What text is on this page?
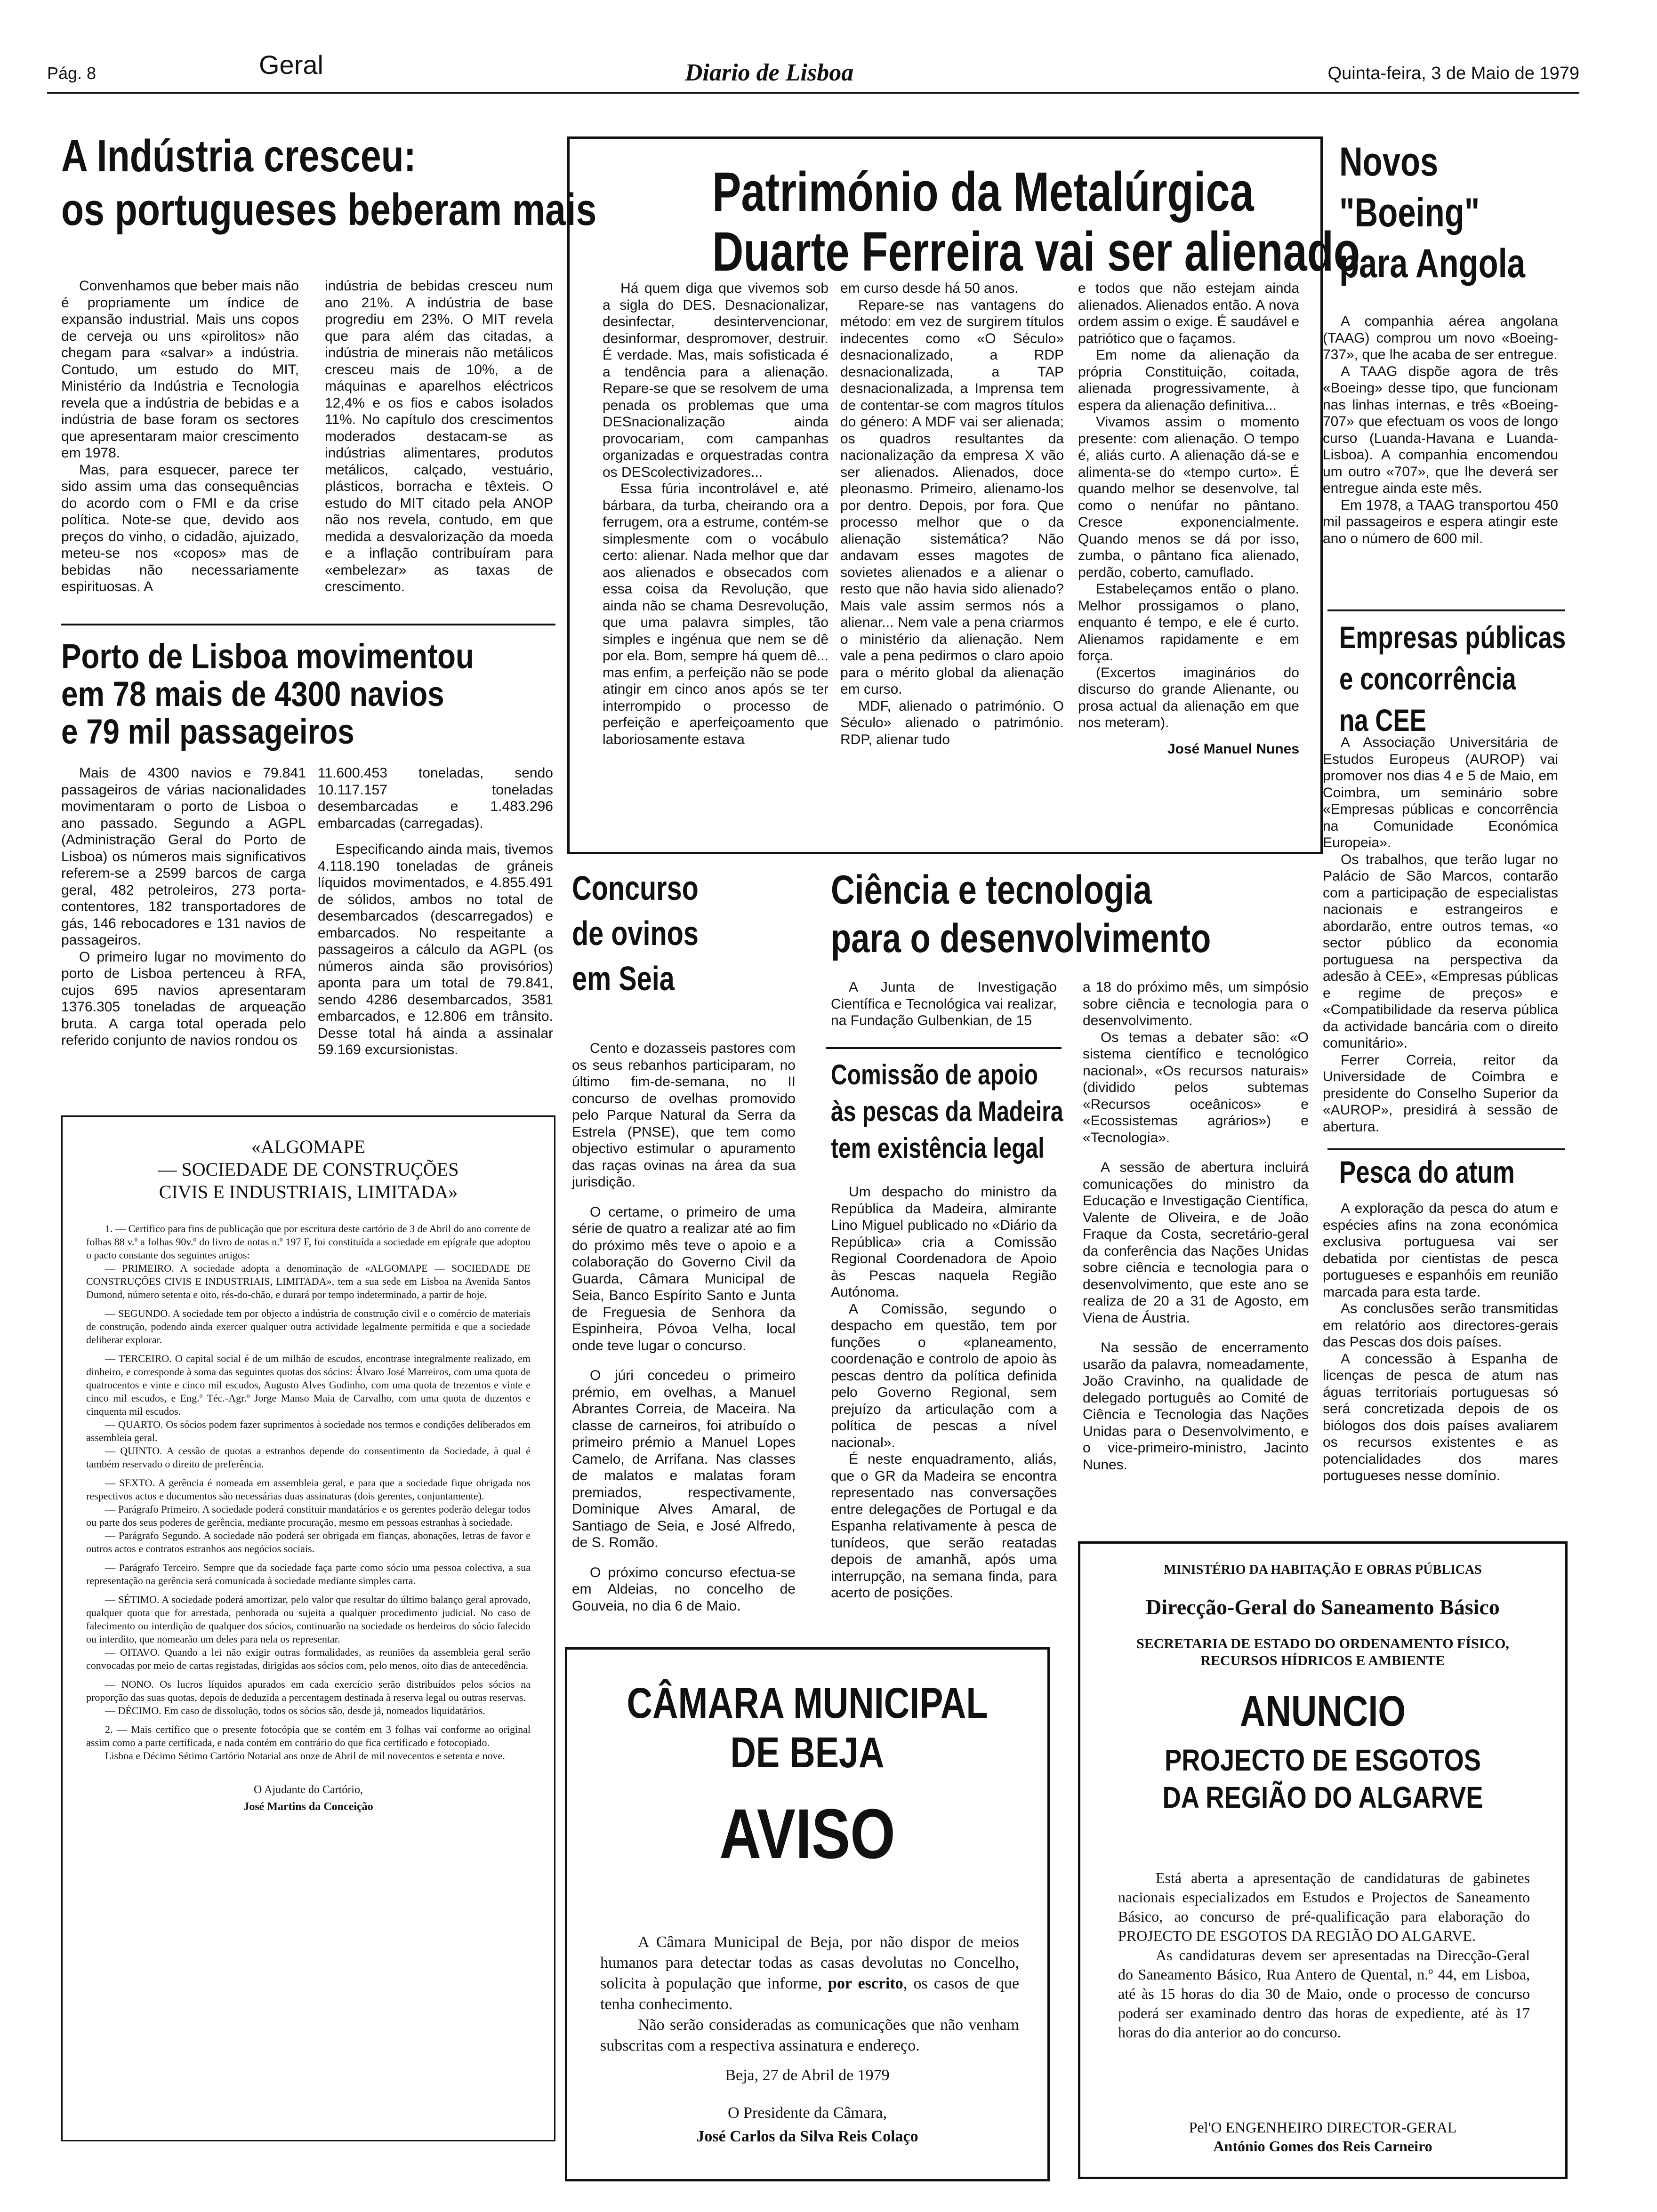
Pág. 8	Geral	Diario de Lisboa	Quinta-feira, 3 de Maio de 1979
A Indústria cresceu:
os portugueses beberam mais

Convenhamos que beber mais não é propriamente um índice de expansão industrial. Mais uns copos de cerveja ou uns «pirolitos» não chegam para «salvar» a indústria. Contudo, um estudo do MIT, Ministério da Indústria e Tecnologia revela que a indústria de bebidas e a indústria de base foram os sectores que apresentaram maior crescimento em 1978.

Mas, para esquecer, parece ter sido assim uma das consequências do acordo com o FMI e da crise política. Note-se que, devido aos preços do vinho, o cidadão, ajuizado, meteu-se nos «copos» mas de bebidas não necessariamente espirituosas. A

indústria de bebidas cresceu num ano 21%. A indústria de base progrediu em 23%. O MIT revela que para além das citadas, a indústria de minerais não metálicos cresceu mais de 10%, a de máquinas e aparelhos eléctricos 12,4% e os fios e cabos isolados 11%. No capítulo dos crescimentos moderados destacam-se as indústrias alimentares, produtos metálicos, calçado, vestuário, plásticos, borracha e têxteis. O estudo do MIT citado pela ANOP não nos revela, contudo, em que medida a desvalorização da moeda e a inflação contribuíram para «embelezar» as taxas de crescimento.

Porto de Lisboa movimentou
em 78 mais de 4300 navios
e 79 mil passageiros

Mais de 4300 navios e 79.841 passageiros de várias nacionalidades movimentaram o porto de Lisboa o ano passado. Segundo a AGPL (Administração Geral do Porto de Lisboa) os números mais significativos referem-se a 2599 barcos de carga geral, 482 petroleiros, 273 porta-contentores, 182 transportadores de gás, 146 rebocadores e 131 navios de passageiros.

O primeiro lugar no movimento do porto de Lisboa pertenceu à RFA, cujos 695 navios apresentaram 1376.305 toneladas de arqueação bruta. A carga total operada pelo referido conjunto de navios rondou os

11.600.453 toneladas, sendo 10.117.157 toneladas desembarcadas e 1.483.296 embarcadas (carregadas).

Especificando ainda mais, tivemos 4.118.190 toneladas de gráneis líquidos movimentados, e 4.855.491 de sólidos, ambos no total de desembarcados (descarregados) e embarcados. No respeitante a passageiros a cálculo da AGPL (os números ainda são provisórios) aponta para um total de 79.841, sendo 4286 desembarcados, 3581 embarcados, e 12.806 em trânsito. Desse total há ainda a assinalar 59.169 excursionistas.

«ALGOMAPE
— SOCIEDADE DE CONSTRUÇÕES
CIVIS E INDUSTRIAIS, LIMITADA»

1. — Certifico para fins de publicação que por escritura deste cartório de 3 de Abril do ano corrente de folhas 88 v.º a folhas 90v.º do livro de notas n.º 197 F, foi constituída a sociedade em epígrafe que adoptou o pacto constante dos seguintes artigos:

— PRIMEIRO. A sociedade adopta a denominação de «ALGOMAPE — SOCIEDADE DE CONSTRUÇÕES CIVIS E INDUSTRIAIS, LIMITADA», tem a sua sede em Lisboa na Avenida Santos Dumond, número setenta e oito, rés-do-chão, e durará por tempo indeterminado, a partir de hoje.

— SEGUNDO. A sociedade tem por objecto a indústria de construção civil e o comércio de materiais de construção, podendo ainda exercer qualquer outra actividade legalmente permitida e que a sociedade deliberar explorar.

— TERCEIRO. O capital social é de um milhão de escudos, encontrase integralmente realizado, em dinheiro, e corresponde à soma das seguintes quotas dos sócios: Álvaro José Marreiros, com uma quota de quatrocentos e vinte e cinco mil escudos, Augusto Alves Godinho, com uma quota de trezentos e vinte e cinco mil escudos, e Eng.º Téc.-Agr.º Jorge Manso Maia de Carvalho, com uma quota de duzentos e cinquenta mil escudos.

— QUARTO. Os sócios podem fazer suprimentos à sociedade nos termos e condições deliberados em assembleia geral.

— QUINTO. A cessão de quotas a estranhos depende do consentimento da Sociedade, à qual é também reservado o direito de preferência.

— SEXTO. A gerência é nomeada em assembleia geral, e para que a sociedade fique obrigada nos respectivos actos e documentos são necessárias duas assinaturas (dois gerentes, conjuntamente).

— Parágrafo Primeiro. A sociedade poderá constituir mandatários e os gerentes poderão delegar todos ou parte dos seus poderes de gerência, mediante procuração, mesmo em pessoas estranhas à sociedade.

— Parágrafo Segundo. A sociedade não poderá ser obrigada em fianças, abonações, letras de favor e outros actos e contratos estranhos aos negócios sociais.

— Parágrafo Terceiro. Sempre que da sociedade faça parte como sócio uma pessoa colectiva, a sua representação na gerência será comunicada à sociedade mediante simples carta.

— SÉTIMO. A sociedade poderá amortizar, pelo valor que resultar do último balanço geral aprovado, qualquer quota que for arrestada, penhorada ou sujeita a qualquer procedimento judicial. No caso de falecimento ou interdição de qualquer dos sócios, continuarão na sociedade os herdeiros do sócio falecido ou interdito, que nomearão um deles para nela os representar.

— OITAVO. Quando a lei não exigir outras formalidades, as reuniões da assembleia geral serão convocadas por meio de cartas registadas, dirigidas aos sócios com, pelo menos, oito dias de antecedência.

— NONO. Os lucros líquidos apurados em cada exercício serão distribuídos pelos sócios na proporção das suas quotas, depois de deduzida a percentagem destinada à reserva legal ou outras reservas.

— DÉCIMO. Em caso de dissolução, todos os sócios são, desde já, nomeados liquidatários.

2. — Mais certifico que o presente fotocópia que se contém em 3 folhas vai conforme ao original assim como a parte certificada, e nada contém em contrário do que fica certificado e fotocopiado.

Lisboa e Décimo Sétimo Cartório Notarial aos onze de Abril de mil novecentos e setenta e nove.

O Ajudante do Cartório,
José Martins da Conceição
Património da Metalúrgica
Duarte Ferreira vai ser alienado

Há quem diga que vivemos sob a sigla do DES. Desnacionalizar, desinfectar, desintervencionar, desinformar, despromover, destruir. É verdade. Mas, mais sofisticada é a tendência para a alienação. Repare-se que se resolvem de uma penada os problemas que uma DESnacionalização ainda provocariam, com campanhas organizadas e orquestradas contra os DEScolectivizadores...

Essa fúria incontrolável e, até bárbara, da turba, cheirando ora a ferrugem, ora a estrume, contém-se simplesmente com o vocábulo certo: alienar. Nada melhor que dar aos alienados e obsecados com essa coisa da Revolução, que ainda não se chama Desrevolução, que uma palavra simples, tão simples e ingénua que nem se dê por ela. Bom, sempre há quem dê... mas enfim, a perfeição não se pode atingir em cinco anos após se ter interrompido o processo de perfeição e aperfeiçoamento que laboriosamente estava

em curso desde há 50 anos.

Repare-se nas vantagens do método: em vez de surgirem títulos indecentes como «O Século» desnacionalizado, a RDP desnacionalizada, a TAP desnacionalizada, a Imprensa tem de contentar-se com magros títulos do género: A MDF vai ser alienada; os quadros resultantes da nacionalização da empresa X vão ser alienados. Alienados, doce pleonasmo. Primeiro, alienamo-los por dentro. Depois, por fora. Que processo melhor que o da alienação sistemática? Não andavam esses magotes de sovietes alienados e a alienar o resto que não havia sido alienado? Mais vale assim sermos nós a alienar... Nem vale a pena criarmos o ministério da alienação. Nem vale a pena pedirmos o claro apoio para o mérito global da alienação em curso.

MDF, alienado o património. O Século» alienado o património. RDP, alienar tudo

e todos que não estejam ainda alienados. Alienados então. A nova ordem assim o exige. É saudável e patriótico que o façamos.

Em nome da alienação da própria Constituição, coitada, alienada progressivamente, à espera da alienação definitiva...

Vivamos assim o momento presente: com alienação. O tempo é, aliás curto. A alienação dá-se e alimenta-se do «tempo curto». É quando melhor se desenvolve, tal como o nenúfar no pântano. Cresce exponencialmente. Quando menos se dá por isso, zumba, o pântano fica alienado, perdão, coberto, camuflado.

Estabeleçamos então o plano. Melhor prossigamos o plano, enquanto é tempo, e ele é curto. Alienamos rapidamente e em força.

(Excertos imaginários do discurso do grande Alienante, ou prosa actual da alienação em que nos meteram).

José Manuel Nunes
Concurso
de ovinos
em Seia

Cento e dozasseis pastores com os seus rebanhos participaram, no último fim-de-semana, no II concurso de ovelhas promovido pelo Parque Natural da Serra da Estrela (PNSE), que tem como objectivo estimular o apuramento das raças ovinas na área da sua jurisdição.

O certame, o primeiro de uma série de quatro a realizar até ao fim do próximo mês teve o apoio e a colaboração do Governo Civil da Guarda, Câmara Municipal de Seia, Banco Espírito Santo e Junta de Freguesia de Senhora da Espinheira, Póvoa Velha, local onde teve lugar o concurso.

O júri concedeu o primeiro prémio, em ovelhas, a Manuel Abrantes Correia, de Maceira. Na classe de carneiros, foi atribuído o primeiro prémio a Manuel Lopes Camelo, de Arrifana. Nas classes de malatos e malatas foram premiados, respectivamente, Dominique Alves Amaral, de Santiago de Seia, e José Alfredo, de S. Romão.

O próximo concurso efectua-se em Aldeias, no concelho de Gouveia, no dia 6 de Maio.

Ciência e tecnologia
para o desenvolvimento

A Junta de Investigação Científica e Tecnológica vai realizar, na Fundação Gulbenkian, de 15

a 18 do próximo mês, um simpósio sobre ciência e tecnologia para o desenvolvimento.

Os temas a debater são: «O sistema científico e tecnológico nacional», «Os recursos naturais» (dividido pelos subtemas «Recursos oceânicos» e «Ecossistemas agrários») e «Tecnologia».

A sessão de abertura incluirá comunicações do ministro da Educação e Investigação Científica, Valente de Oliveira, e de João Fraque da Costa, secretário-geral da conferência das Nações Unidas sobre ciência e tecnologia para o desenvolvimento, que este ano se realiza de 20 a 31 de Agosto, em Viena de Áustria.

Na sessão de encerramento usarão da palavra, nomeadamente, João Cravinho, na qualidade de delegado português ao Comité de Ciência e Tecnologia das Nações Unidas para o Desenvolvimento, e o vice-primeiro-ministro, Jacinto Nunes.

Comissão de apoio
às pescas da Madeira
tem existência legal

Um despacho do ministro da República da Madeira, almirante Lino Miguel publicado no «Diário da República» cria a Comissão Regional Coordenadora de Apoio às Pescas naquela Região Autónoma.

A Comissão, segundo o despacho em questão, tem por funções o «planeamento, coordenação e controlo de apoio às pescas dentro da política definida pelo Governo Regional, sem prejuízo da articulação com a política de pescas a nível nacional».

É neste enquadramento, aliás, que o GR da Madeira se encontra representado nas conversações entre delegações de Portugal e da Espanha relativamente à pesca de tunídeos, que serão reatadas depois de amanhã, após uma interrupção, na semana finda, para acerto de posições.

CÂMARA MUNICIPAL
DE BEJA
AVISO

A Câmara Municipal de Beja, por não dispor de meios humanos para detectar todas as casas devolutas no Concelho, solicita à população que informe, por escrito, os casos de que tenha conhecimento.

Não serão consideradas as comunicações que não venham subscritas com a respectiva assinatura e endereço.

Beja, 27 de Abril de 1979
O Presidente da Câmara,
José Carlos da Silva Reis Colaço
Novos
"Boeing"
para Angola

A companhia aérea angolana (TAAG) comprou um novo «Boeing-737», que lhe acaba de ser entregue.

A TAAG dispõe agora de três «Boeing» desse tipo, que funcionam nas linhas internas, e três «Boeing-707» que efectuam os voos de longo curso (Luanda-Havana e Luanda-Lisboa). A companhia encomendou um outro «707», que lhe deverá ser entregue ainda este mês.

Em 1978, a TAAG transportou 450 mil passageiros e espera atingir este ano o número de 600 mil.

Empresas públicas
e concorrência
na CEE

A Associação Universitária de Estudos Europeus (AUROP) vai promover nos dias 4 e 5 de Maio, em Coimbra, um seminário sobre «Empresas públicas e concorrência na Comunidade Económica Europeia».

Os trabalhos, que terão lugar no Palácio de São Marcos, contarão com a participação de especialistas nacionais e estrangeiros e abordarão, entre outros temas, «o sector público da economia portuguesa na perspectiva da adesão à CEE», «Empresas públicas e regime de preços» e «Compatibilidade da reserva pública da actividade bancária com o direito comunitário».

Ferrer Correia, reitor da Universidade de Coimbra e presidente do Conselho Superior da «AUROP», presidirá à sessão de abertura.

Pesca do atum

A exploração da pesca do atum e espécies afins na zona económica exclusiva portuguesa vai ser debatida por cientistas de pesca portugueses e espanhóis em reunião marcada para esta tarde.

As conclusões serão transmitidas em relatório aos directores-gerais das Pescas dos dois países.

A concessão à Espanha de licenças de pesca de atum nas águas territoriais portuguesas só será concretizada depois de os biólogos dos dois países avaliarem os recursos existentes e as potencialidades dos mares portugueses nesse domínio.

MINISTÉRIO DA HABITAÇÃO E OBRAS PÚBLICAS
Direcção-Geral do Saneamento Básico
SECRETARIA DE ESTADO DO ORDENAMENTO FÍSICO,
RECURSOS HÍDRICOS E AMBIENTE
ANUNCIO
PROJECTO DE ESGOTOS
DA REGIÃO DO ALGARVE

Está aberta a apresentação de candidaturas de gabinetes nacionais especializados em Estudos e Projectos de Saneamento Básico, ao concurso de pré-qualificação para elaboração do PROJECTO DE ESGOTOS DA REGIÃO DO ALGARVE.

As candidaturas devem ser apresentadas na Direcção-Geral do Saneamento Básico, Rua Antero de Quental, n.º 44, em Lisboa, até às 15 horas do dia 30 de Maio, onde o processo de concurso poderá ser examinado dentro das horas de expediente, até às 17 horas do dia anterior ao do concurso.

Pel'O ENGENHEIRO DIRECTOR-GERAL
António Gomes dos Reis Carneiro
